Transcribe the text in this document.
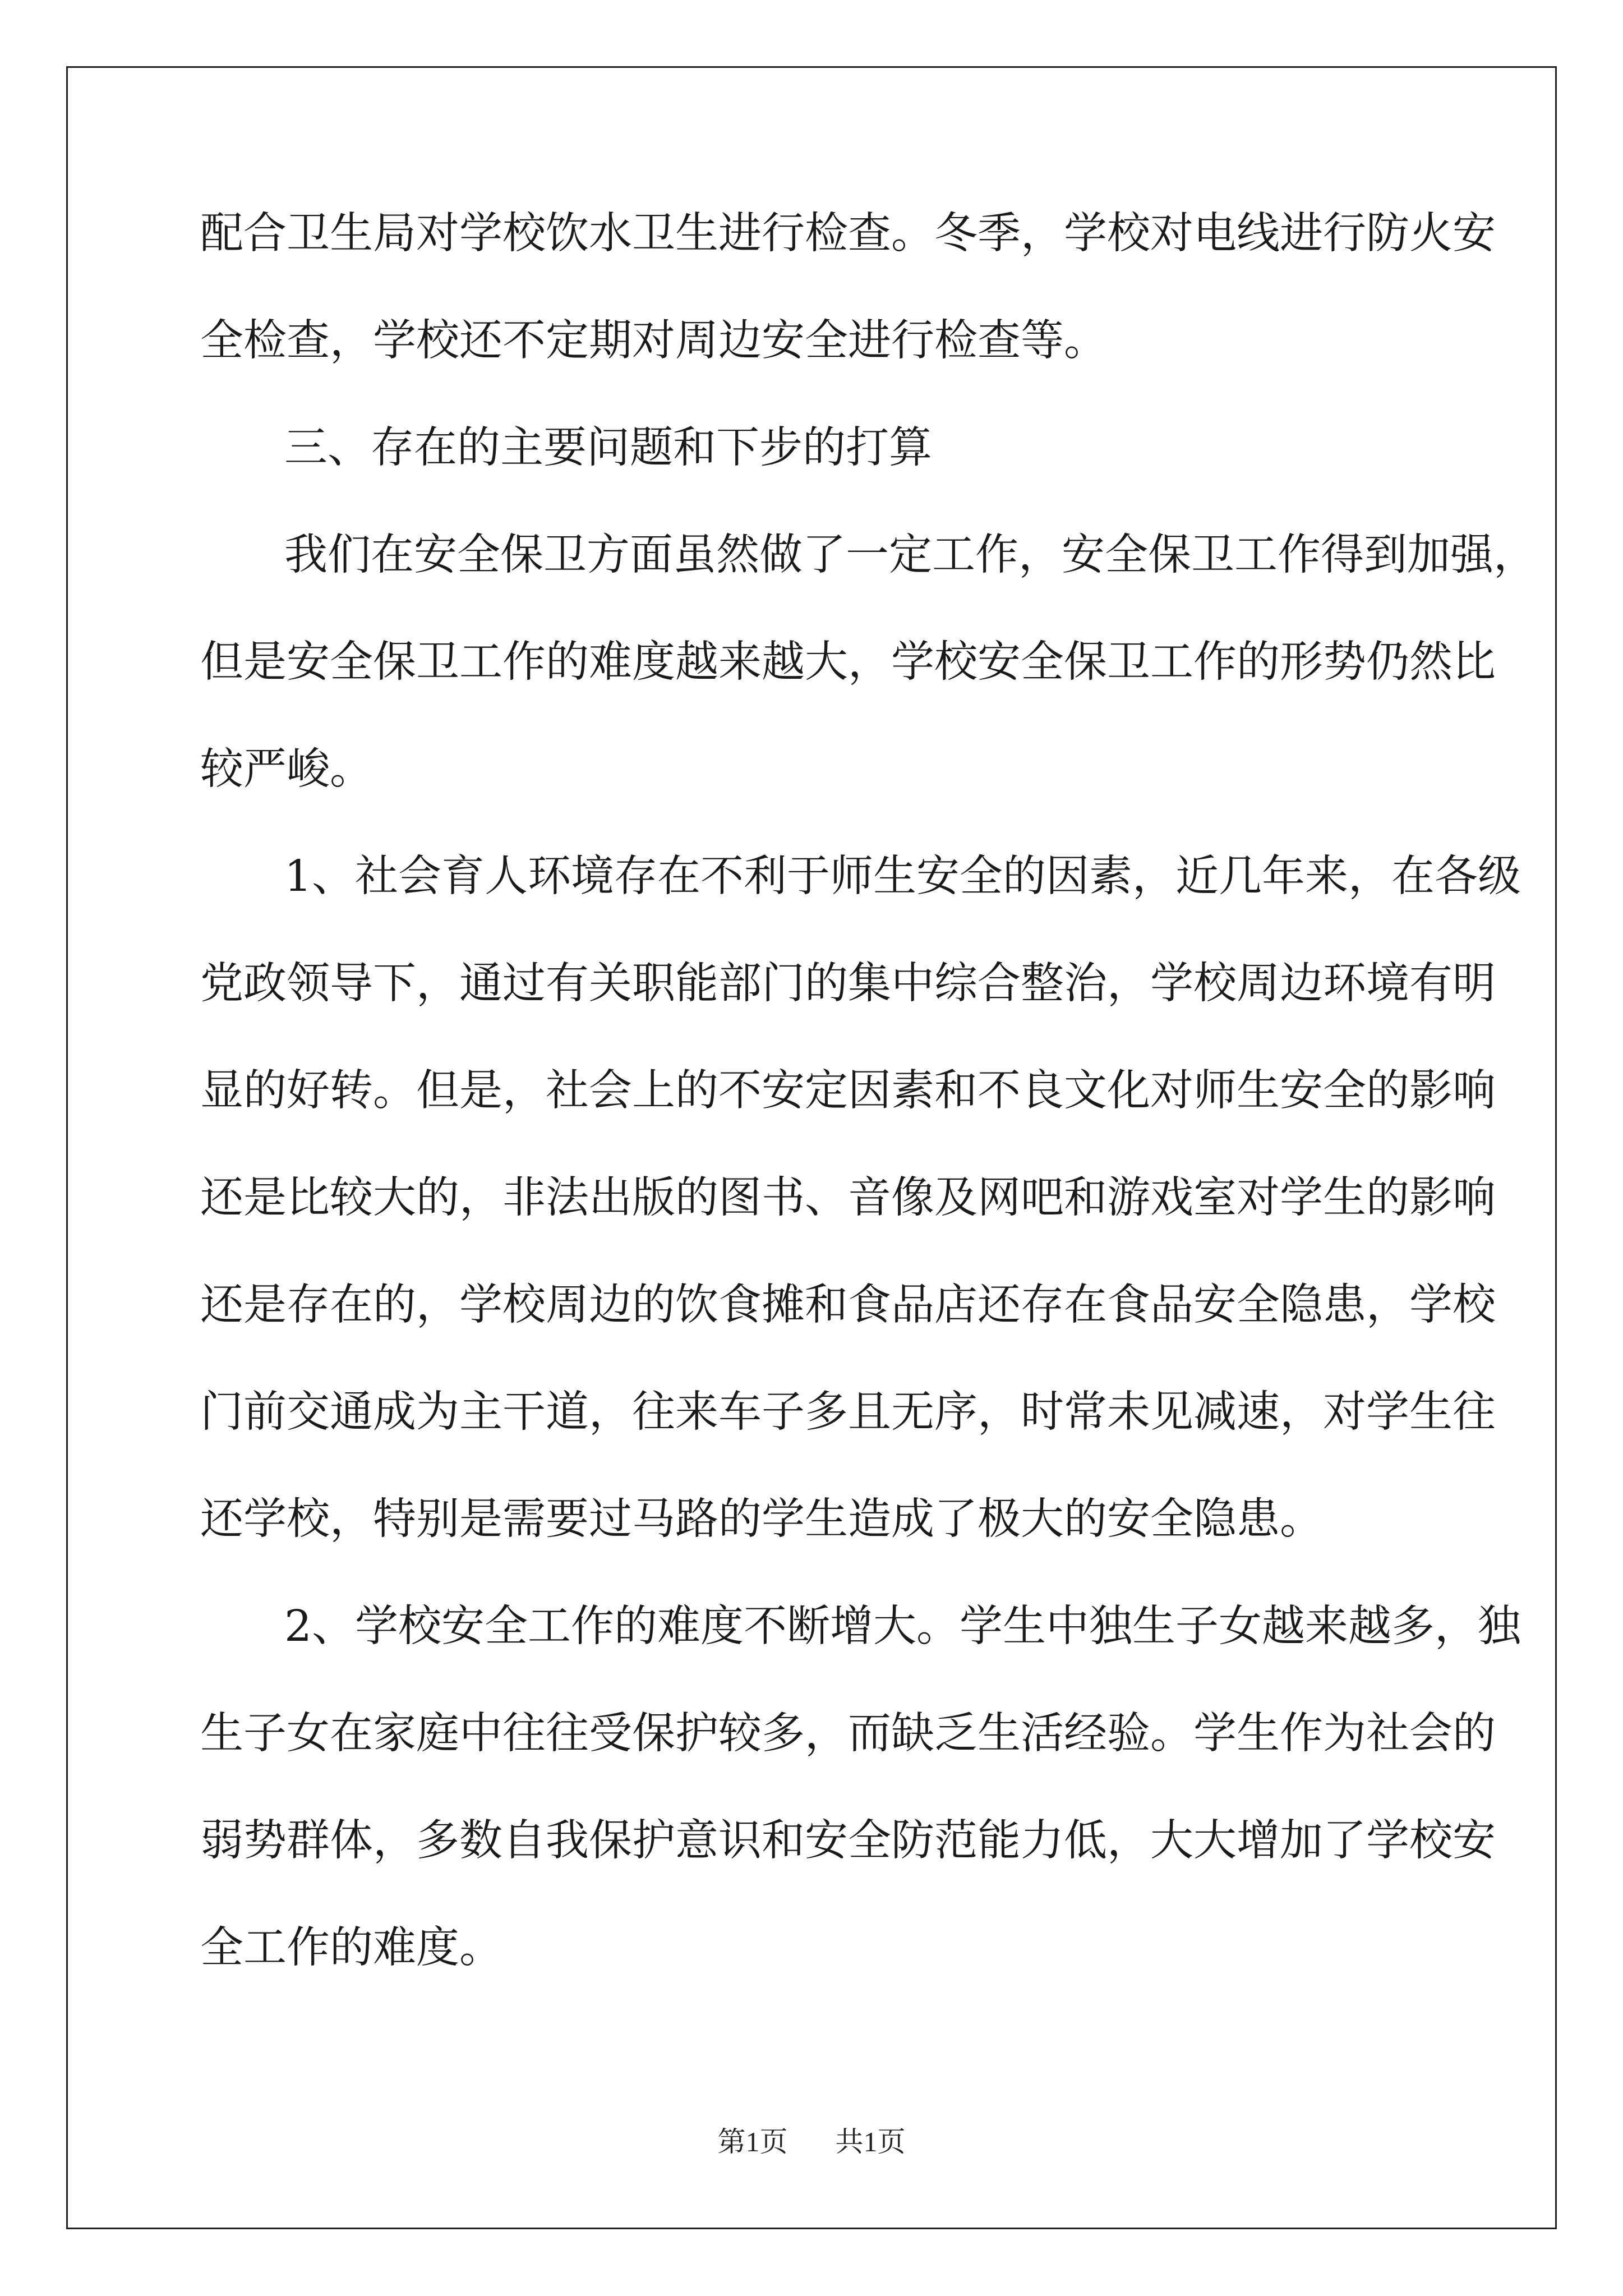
配合卫生局对学校饮水卫生进行检查。冬季，学校对电线进行防火安
全检查，学校还不定期对周边安全进行检查等。
三、存在的主要问题和下步的打算
我们在安全保卫方面虽然做了一定工作，安全保卫工作得到加强，
但是安全保卫工作的难度越来越大，学校安全保卫工作的形势仍然比
较严峻。
1、社会育人环境存在不利于师生安全的因素，近几年来，在各级
党政领导下，通过有关职能部门的集中综合整治，学校周边环境有明
显的好转。但是，社会上的不安定因素和不良文化对师生安全的影响
还是比较大的，非法出版的图书、音像及网吧和游戏室对学生的影响
还是存在的，学校周边的饮食摊和食品店还存在食品安全隐患，学校
门前交通成为主干道，往来车子多且无序，时常未见减速，对学生往
还学校，特别是需要过马路的学生造成了极大的安全隐患。
2、学校安全工作的难度不断增大。学生中独生子女越来越多，独
生子女在家庭中往往受保护较多，而缺乏生活经验。学生作为社会的
弱势群体，多数自我保护意识和安全防范能力低，大大增加了学校安
全工作的难度。
第1页 共1页
